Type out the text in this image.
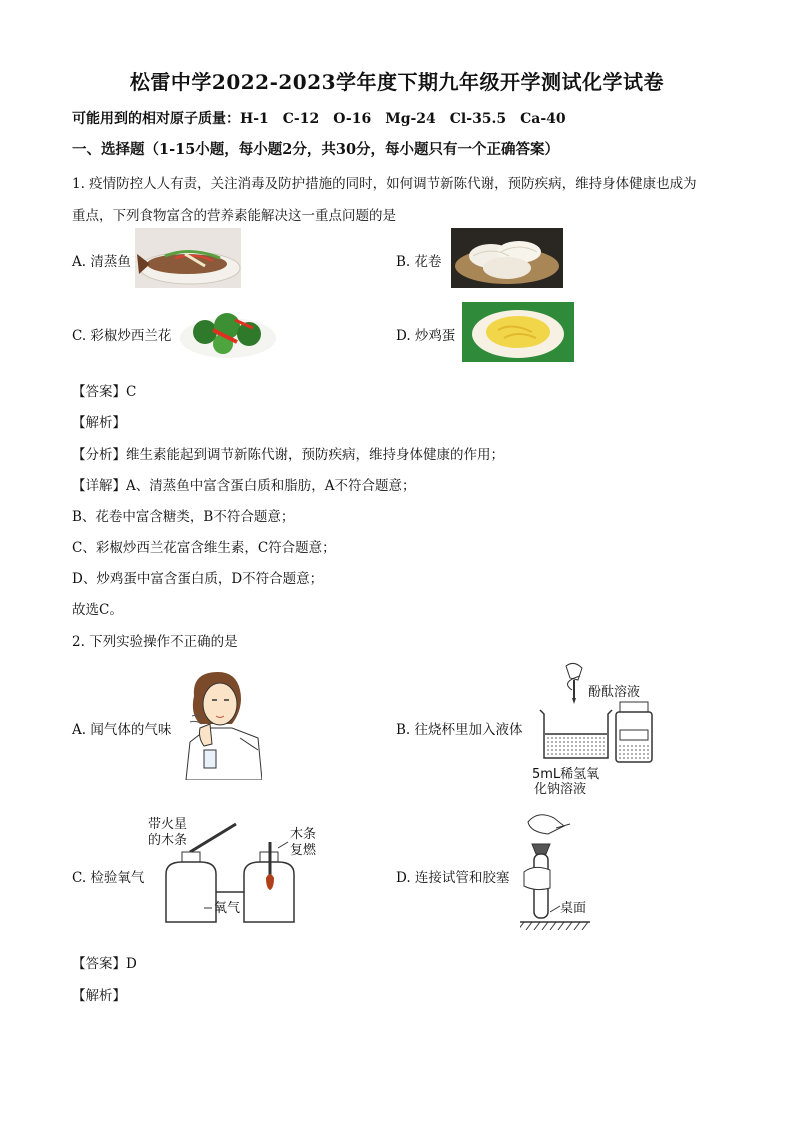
松雷中学2022-2023学年度下期九年级开学测试化学试卷
可能用到的相对原子质量：H-1　C-12　O-16　Mg-24　Cl-35.5　Ca-40
一、选择题（1-15小题，每小题2分，共30分，每小题只有一个正确答案）
1. 疫情防控人人有责，关注消毒及防护措施的同时，如何调节新陈代谢，预防疾病，维持身体健康也成为
重点，下列食物富含的营养素能解决这一重点问题的是
A. 清蒸鱼	B. 花卷
C. 彩椒炒西兰花	D. 炒鸡蛋
【答案】C
【解析】
【分析】维生素能起到调节新陈代谢，预防疾病，维持身体健康的作用；
【详解】A、清蒸鱼中富含蛋白质和脂肪，A不符合题意；
B、花卷中富含糖类，B不符合题意；
C、彩椒炒西兰花富含维生素，C符合题意；
D、炒鸡蛋中富含蛋白质，D不符合题意；
故选C。
2. 下列实验操作不正确的是
A. 闻气体的气味	B. 往烧杯里加入液体
酚酞溶液
5mL稀氢氧
化钠溶液
C. 检验氧气
带火星
的木条
氧气
木条
复燃
D. 连接试管和胶塞
桌面
【答案】D
【解析】
